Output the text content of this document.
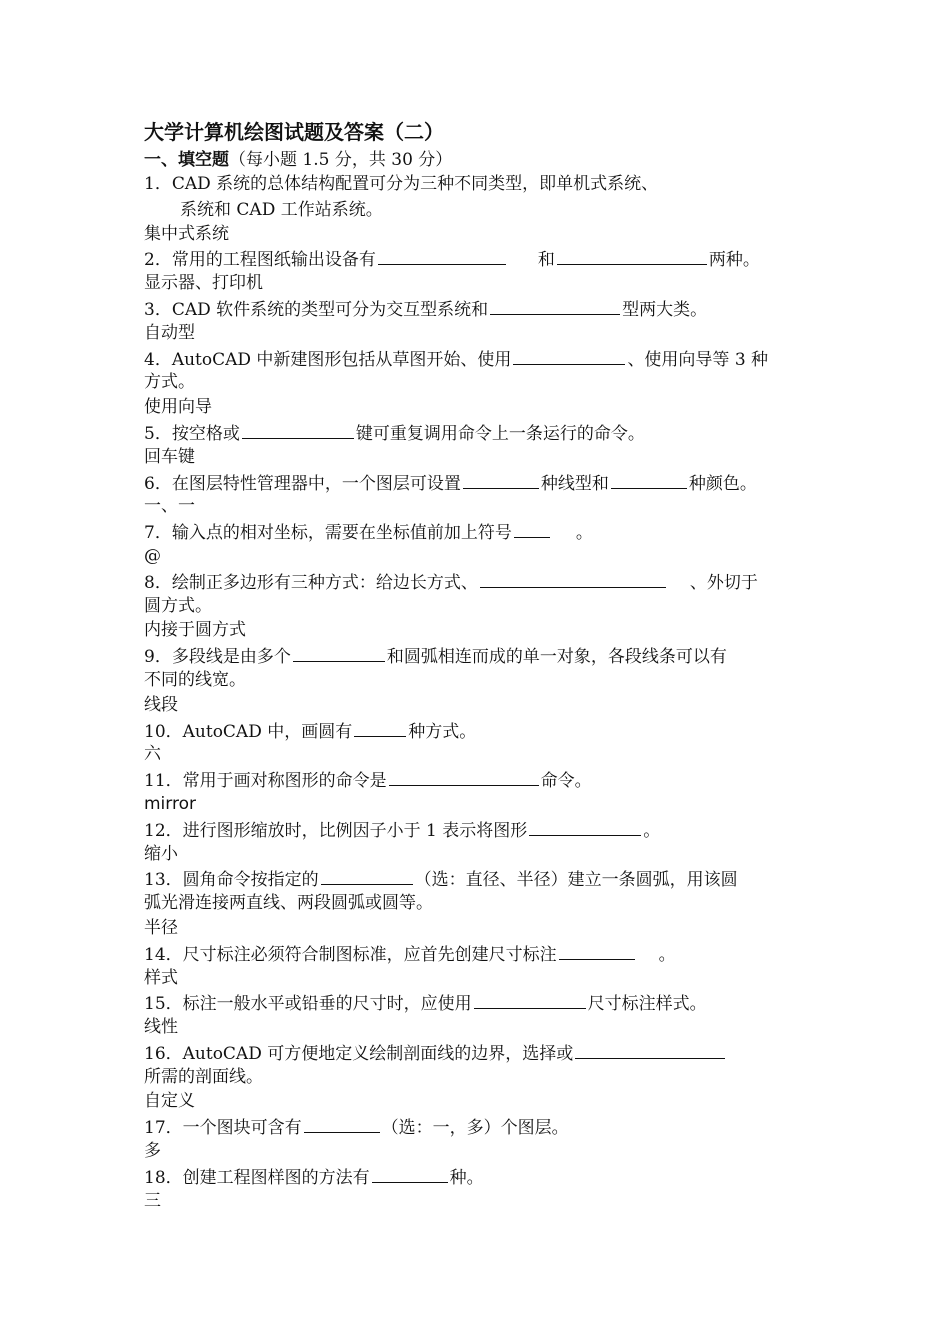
大学计算机绘图试题及答案（二）
一、填空题（每小题 1.5 分，共 30 分）
1．CAD 系统的总体结构配置可分为三种不同类型，即单机式系统、
系统和 CAD 工作站系统。
集中式系统
2．常用的工程图纸输出设备有	和	两种。
显示器、打印机
3．CAD 软件系统的类型可分为交互型系统和	型两大类。
自动型
4．AutoCAD 中新建图形包括从草图开始、使用	、使用向导等 3 种
方式。
使用向导
5．按空格或	键可重复调用命令上一条运行的命令。
回车键
6．在图层特性管理器中，一个图层可设置	种线型和	种颜色。
一、一
7．输入点的相对坐标，需要在坐标值前加上符号	。
@
8．绘制正多边形有三种方式：给边长方式、	、外切于
圆方式。
内接于圆方式
9．多段线是由多个	和圆弧相连而成的单一对象，各段线条可以有
不同的线宽。
线段
10．AutoCAD 中，画圆有	种方式。
六
11．常用于画对称图形的命令是	命令。
mirror
12．进行图形缩放时，比例因子小于 1 表示将图形	。
缩小
13．圆角命令按指定的	（选：直径、半径）建立一条圆弧，用该圆
弧光滑连接两直线、两段圆弧或圆等。
半径
14．尺寸标注必须符合制图标准，应首先创建尺寸标注	。
样式
15．标注一般水平或铅垂的尺寸时，应使用	尺寸标注样式。
线性
16．AutoCAD 可方便地定义绘制剖面线的边界，选择或
所需的剖面线。
自定义
17．一个图块可含有	（选：一，多）个图层。
多
18．创建工程图样图的方法有	种。
三
